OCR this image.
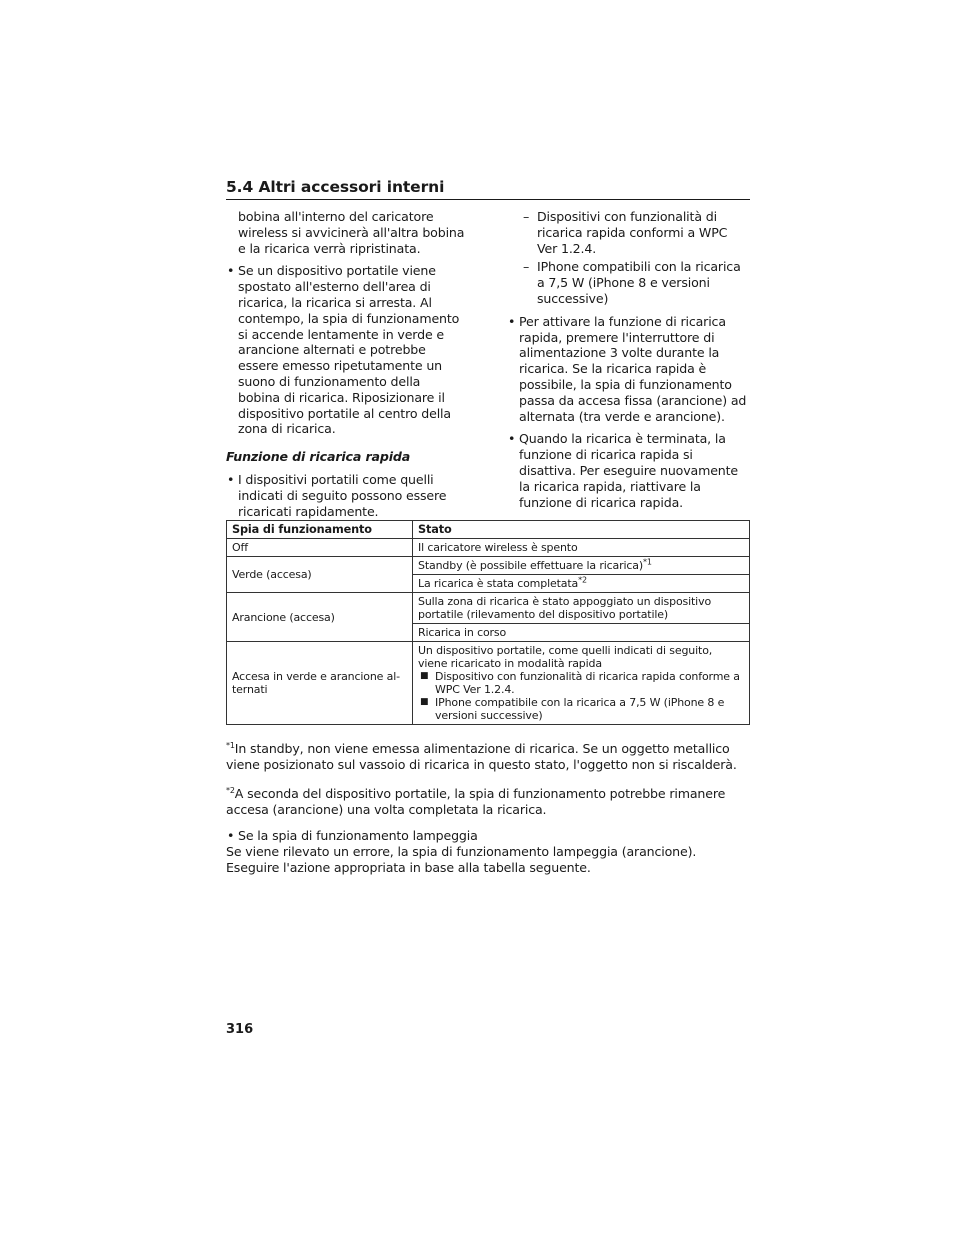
5.4 Altri accessori interni

bobina all'interno del caricatore wireless si avvicinerà all'altra bobina e la ricarica verrà ripristinata.

• Se un dispositivo portatile viene spostato all'esterno dell'area di ricarica, la ricarica si arresta. Al contempo, la spia di funzionamento si accende lentamente in verde e arancione alternati e potrebbe essere emesso ripetutamente un suono di funzionamento della bobina di ricarica. Riposizionare il dispositivo portatile al centro della zona di ricarica.
Funzione di ricarica rapida
• I dispositivi portatili come quelli indicati di seguito possono essere ricaricati rapidamente.
– Dispositivi con funzionalità di ricarica rapida conformi a WPC Ver 1.2.4.
– IPhone compatibili con la ricarica a 7,5 W (iPhone 8 e versioni successive)
• Per attivare la funzione di ricarica rapida, premere l'interruttore di alimentazione 3 volte durante la ricarica. Se la ricarica rapida è possibile, la spia di funzionamento passa da accesa fissa (arancione) ad alternata (tra verde e arancione).
• Quando la ricarica è terminata, la funzione di ricarica rapida si disattiva. Per eseguire nuovamente la ricarica rapida, riattivare la funzione di ricarica rapida.
Spia di funzionamento	Stato
Off	Il caricatore wireless è spento
Verde (accesa)	Standby (è possibile effettuare la ricarica)$^{*1}$
	La ricarica è stata completata$^{*2}$
Arancione (accesa)	Sulla zona di ricarica è stato appoggiato un dispositivo portatile (rilevamento del dispositivo portatile)
	Ricarica in corso
Accesa in verde e arancione al-ternati	Un dispositivo portatile, come quelli indicati di seguito, viene ricaricato in modalità rapida
■ Dispositivo con funzionalità di ricarica rapida conforme a WPC Ver 1.2.4.
■ IPhone compatibile con la ricarica a 7,5 W (iPhone 8 e versioni successive)

$^{*1}$In standby, non viene emessa alimentazione di ricarica. Se un oggetto metallico viene posizionato sul vassoio di ricarica in questo stato, l'oggetto non si riscalderà.

$^{*2}$A seconda del dispositivo portatile, la spia di funzionamento potrebbe rimanere accesa (arancione) una volta completata la ricarica.

• Se la spia di funzionamento lampeggia

Se viene rilevato un errore, la spia di funzionamento lampeggia (arancione). Eseguire l'azione appropriata in base alla tabella seguente.

316
